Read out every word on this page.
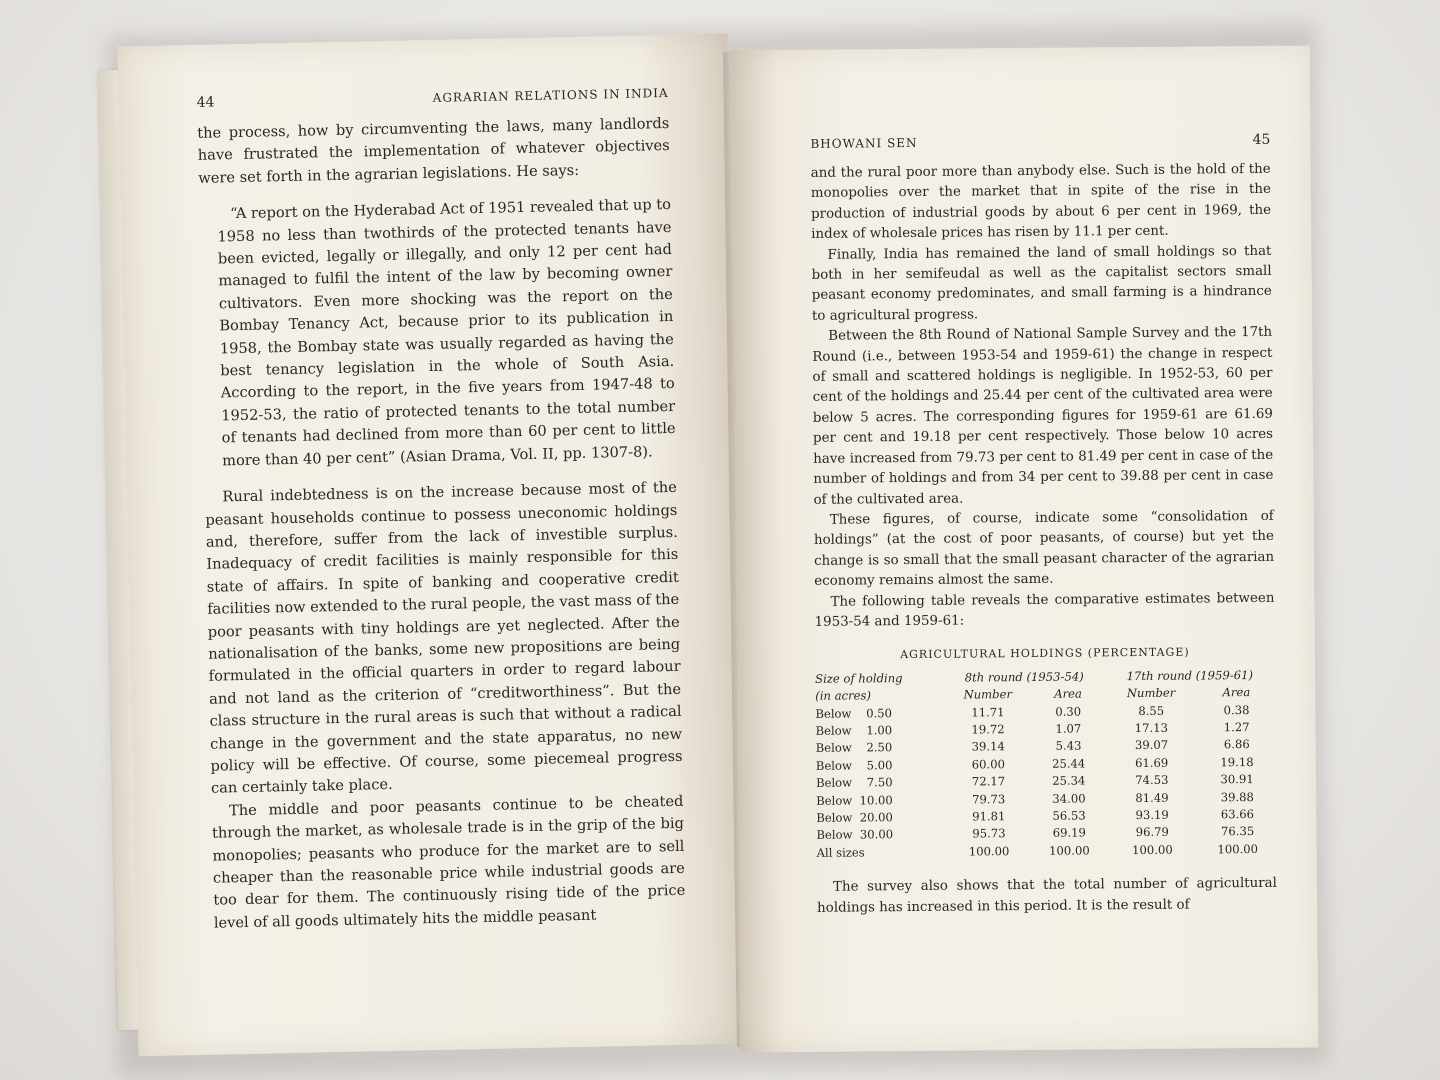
44	AGRARIAN RELATIONS IN INDIA

the process, how by circumventing the laws, many landlords have frustrated the implementation of whatever objectives were set forth in the agrarian legislations. He says:

“A report on the Hyderabad Act of 1951 revealed that up to 1958 no less than twothirds of the protected tenants have been evicted, legally or illegally, and only 12 per cent had managed to fulfil the intent of the law by becoming owner cultivators. Even more shocking was the report on the Bombay Tenancy Act, because prior to its publication in 1958, the Bombay state was usually regarded as having the best tenancy legislation in the whole of South Asia. According to the report, in the five years from 1947-48 to 1952-53, the ratio of protected tenants to the total number of tenants had declined from more than 60 per cent to little more than 40 per cent” (Asian Drama, Vol. II, pp. 1307-8).

Rural indebtedness is on the increase because most of the peasant households continue to possess uneconomic holdings and, therefore, suffer from the lack of investible surplus. Inadequacy of credit facilities is mainly responsible for this state of affairs. In spite of banking and cooperative credit facilities now extended to the rural people, the vast mass of the poor peasants with tiny holdings are yet neglected. After the nationalisation of the banks, some new propositions are being formulated in the official quarters in order to regard labour and not land as the criterion of “creditworthiness”. But the class structure in the rural areas is such that without a radical change in the government and the state apparatus, no new policy will be effective. Of course, some piecemeal progress can certainly take place.

The middle and poor peasants continue to be cheated through the market, as wholesale trade is in the grip of the big monopolies; peasants who produce for the market are to sell cheaper than the reasonable price while industrial goods are too dear for them. The continuously rising tide of the price level of all goods ultimately hits the middle peasant

BHOWANI SEN	45

and the rural poor more than anybody else. Such is the hold of the monopolies over the market that in spite of the rise in the production of industrial goods by about 6 per cent in 1969, the index of wholesale prices has risen by 11.1 per cent.

Finally, India has remained the land of small holdings so that both in her semifeudal as well as the capitalist sectors small peasant economy predominates, and small farming is a hindrance to agricultural progress.

Between the 8th Round of National Sample Survey and the 17th Round (i.e., between 1953-54 and 1959-61) the change in respect of small and scattered holdings is negligible. In 1952-53, 60 per cent of the holdings and 25.44 per cent of the cultivated area were below 5 acres. The corresponding figures for 1959-61 are 61.69 per cent and 19.18 per cent respectively. Those below 10 acres have increased from 79.73 per cent to 81.49 per cent in case of the number of holdings and from 34 per cent to 39.88 per cent in case of the cultivated area.

These figures, of course, indicate some “consolidation of holdings” (at the cost of poor peasants, of course) but yet the change is so small that the small peasant character of the agrarian economy remains almost the same.

The following table reveals the comparative estimates between 1953-54 and 1959-61:

AGRICULTURAL HOLDINGS (PERCENTAGE)
Size of holding	8th round (1953-54)		17th round (1959-61)	
(in acres)	Number	Area	Number	Area
Below    0.50	11.71	0.30	8.55	0.38
Below    1.00	19.72	1.07	17.13	1.27
Below    2.50	39.14	5.43	39.07	6.86
Below    5.00	60.00	25.44	61.69	19.18
Below    7.50	72.17	25.34	74.53	30.91
Below  10.00	79.73	34.00	81.49	39.88
Below  20.00	91.81	56.53	93.19	63.66
Below  30.00	95.73	69.19	96.79	76.35
All sizes	100.00	100.00	100.00	100.00

The survey also shows that the total number of agricultural holdings has increased in this period. It is the result of
